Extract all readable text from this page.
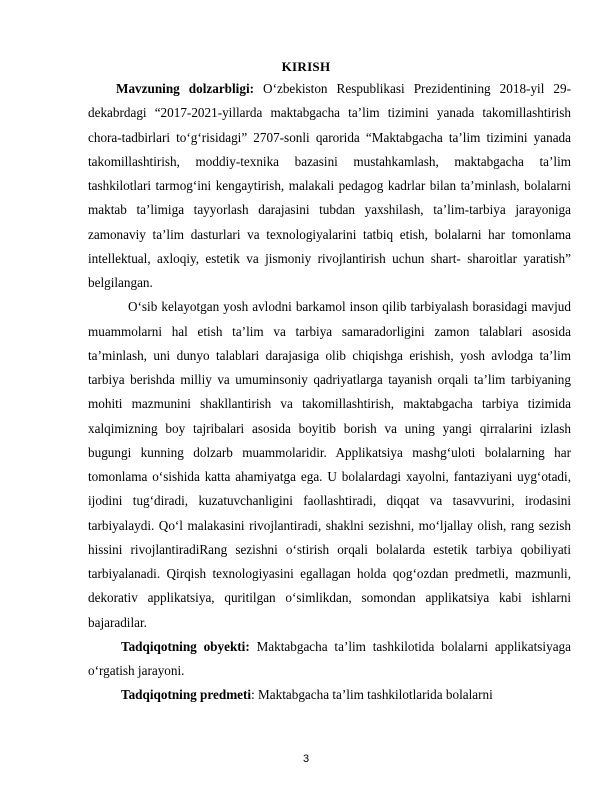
KIRISH

Mavzuning dolzarbligi: O‘zbekiston Respublikasi Prezidentining 2018-yil 29-dekabrdagi “2017-2021-yillarda maktabgacha ta’lim tizimini yanada takomillashtirish chora-tadbirlari to‘g‘risidagi” 2707-sonli qarorida “Maktabgacha ta’lim tizimini yanada takomillashtirish, moddiy-texnika bazasini mustahkamlash, maktabgacha ta’lim tashkilotlari tarmog‘ini kengaytirish, malakali pedagog kadrlar bilan ta’minlash, bolalarni maktab ta’limiga tayyorlash darajasini tubdan yaxshilash, ta’lim-tarbiya jarayoniga zamonaviy ta’lim dasturlari va texnologiyalarini tatbiq etish, bolalarni har tomonlama intellektual, axloqiy, estetik va jismoniy rivojlantirish uchun shart- sharoitlar yaratish” belgilangan.

O‘sib kelayotgan yosh avlodni barkamol inson qilib tarbiyalash borasidagi mavjud muammolarni hal etish ta’lim va tarbiya samaradorligini zamon talablari asosida ta’minlash, uni dunyo talablari darajasiga olib chiqishga erishish, yosh avlodga ta’lim tarbiya berishda milliy va umuminsoniy qadriyatlarga tayanish orqali ta’lim tarbiyaning mohiti mazmunini shakllantirish va takomillashtirish, maktabgacha tarbiya tizimida xalqimizning boy tajribalari asosida boyitib borish va uning yangi qirralarini izlash bugungi kunning dolzarb muammolaridir. Applikatsiya mashg‘uloti bolalarning har tomonlama o‘sishida katta ahamiyatga ega. U bolalardagi xayolni, fantaziyani uyg‘otadi, ijodini tug‘diradi, kuzatuvchanligini faollashtiradi, diqqat va tasavvurini, irodasini tarbiyalaydi. Qo‘l malakasini rivojlantiradi, shaklni sezishni, mo‘ljallay olish, rang sezish hissini rivojlantiradiRang sezishni o‘stirish orqali bolalarda estetik tarbiya qobiliyati tarbiyalanadi. Qirqish texnologiyasini egallagan holda qog‘ozdan predmetli, mazmunli, dekorativ applikatsiya, quritilgan o‘simlikdan, somondan applikatsiya kabi ishlarni bajaradilar.

Tadqiqotning obyekti: Maktabgacha ta’lim tashkilotida bolalarni applikatsiyaga o‘rgatish jarayoni.

Tadqiqotning predmeti: Maktabgacha ta’lim tashkilotlarida bolalarni

3
